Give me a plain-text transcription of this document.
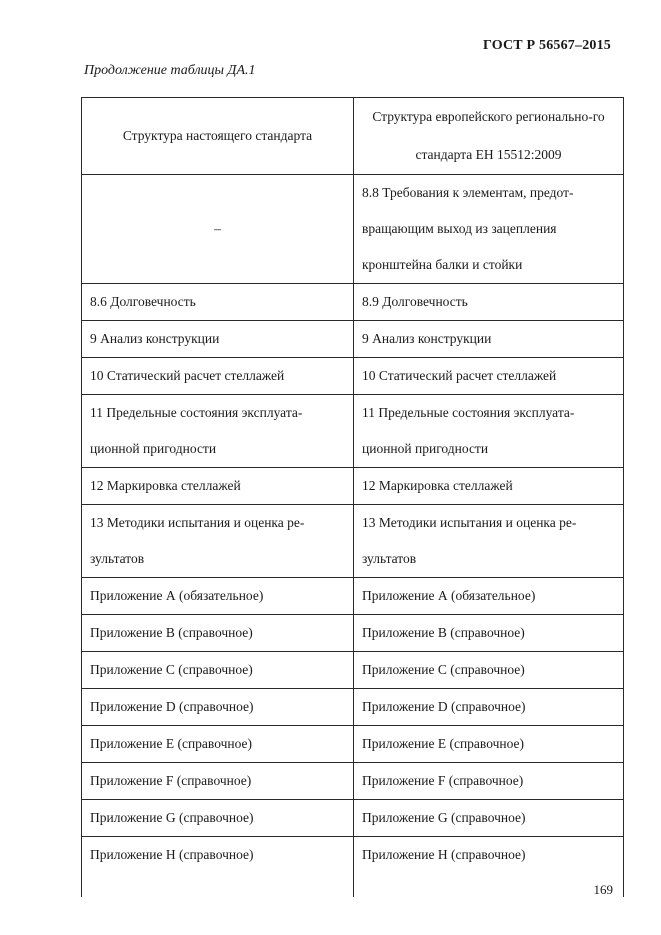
ГОСТ Р 56567–2015
Продолжение таблицы ДА.1
Структура настоящего стандарта	Структура европейского регионально-го стандарта ЕН 15512:2009
–	8.8 Требования к элементам, предот-вращающим выход из зацепления кронштейна балки и стойки
8.6 Долговечность	8.9 Долговечность
9 Анализ конструкции	9 Анализ конструкции
10 Статический расчет стеллажей	10 Статический расчет стеллажей
11 Предельные состояния эксплуата-ционной пригодности	11 Предельные состояния эксплуата-ционной пригодности
12 Маркировка стеллажей	12 Маркировка стеллажей
13 Методики испытания и оценка ре-зультатов	13 Методики испытания и оценка ре-зультатов
Приложение А (обязательное)	Приложение А (обязательное)
Приложение В (справочное)	Приложение В (справочное)
Приложение С (справочное)	Приложение С (справочное)
Приложение D (справочное)	Приложение D (справочное)
Приложение Е (справочное)	Приложение Е (справочное)
Приложение F (справочное)	Приложение F (справочное)
Приложение G (справочное)	Приложение G (справочное)
Приложение Н (справочное)	Приложение Н (справочное)
169
